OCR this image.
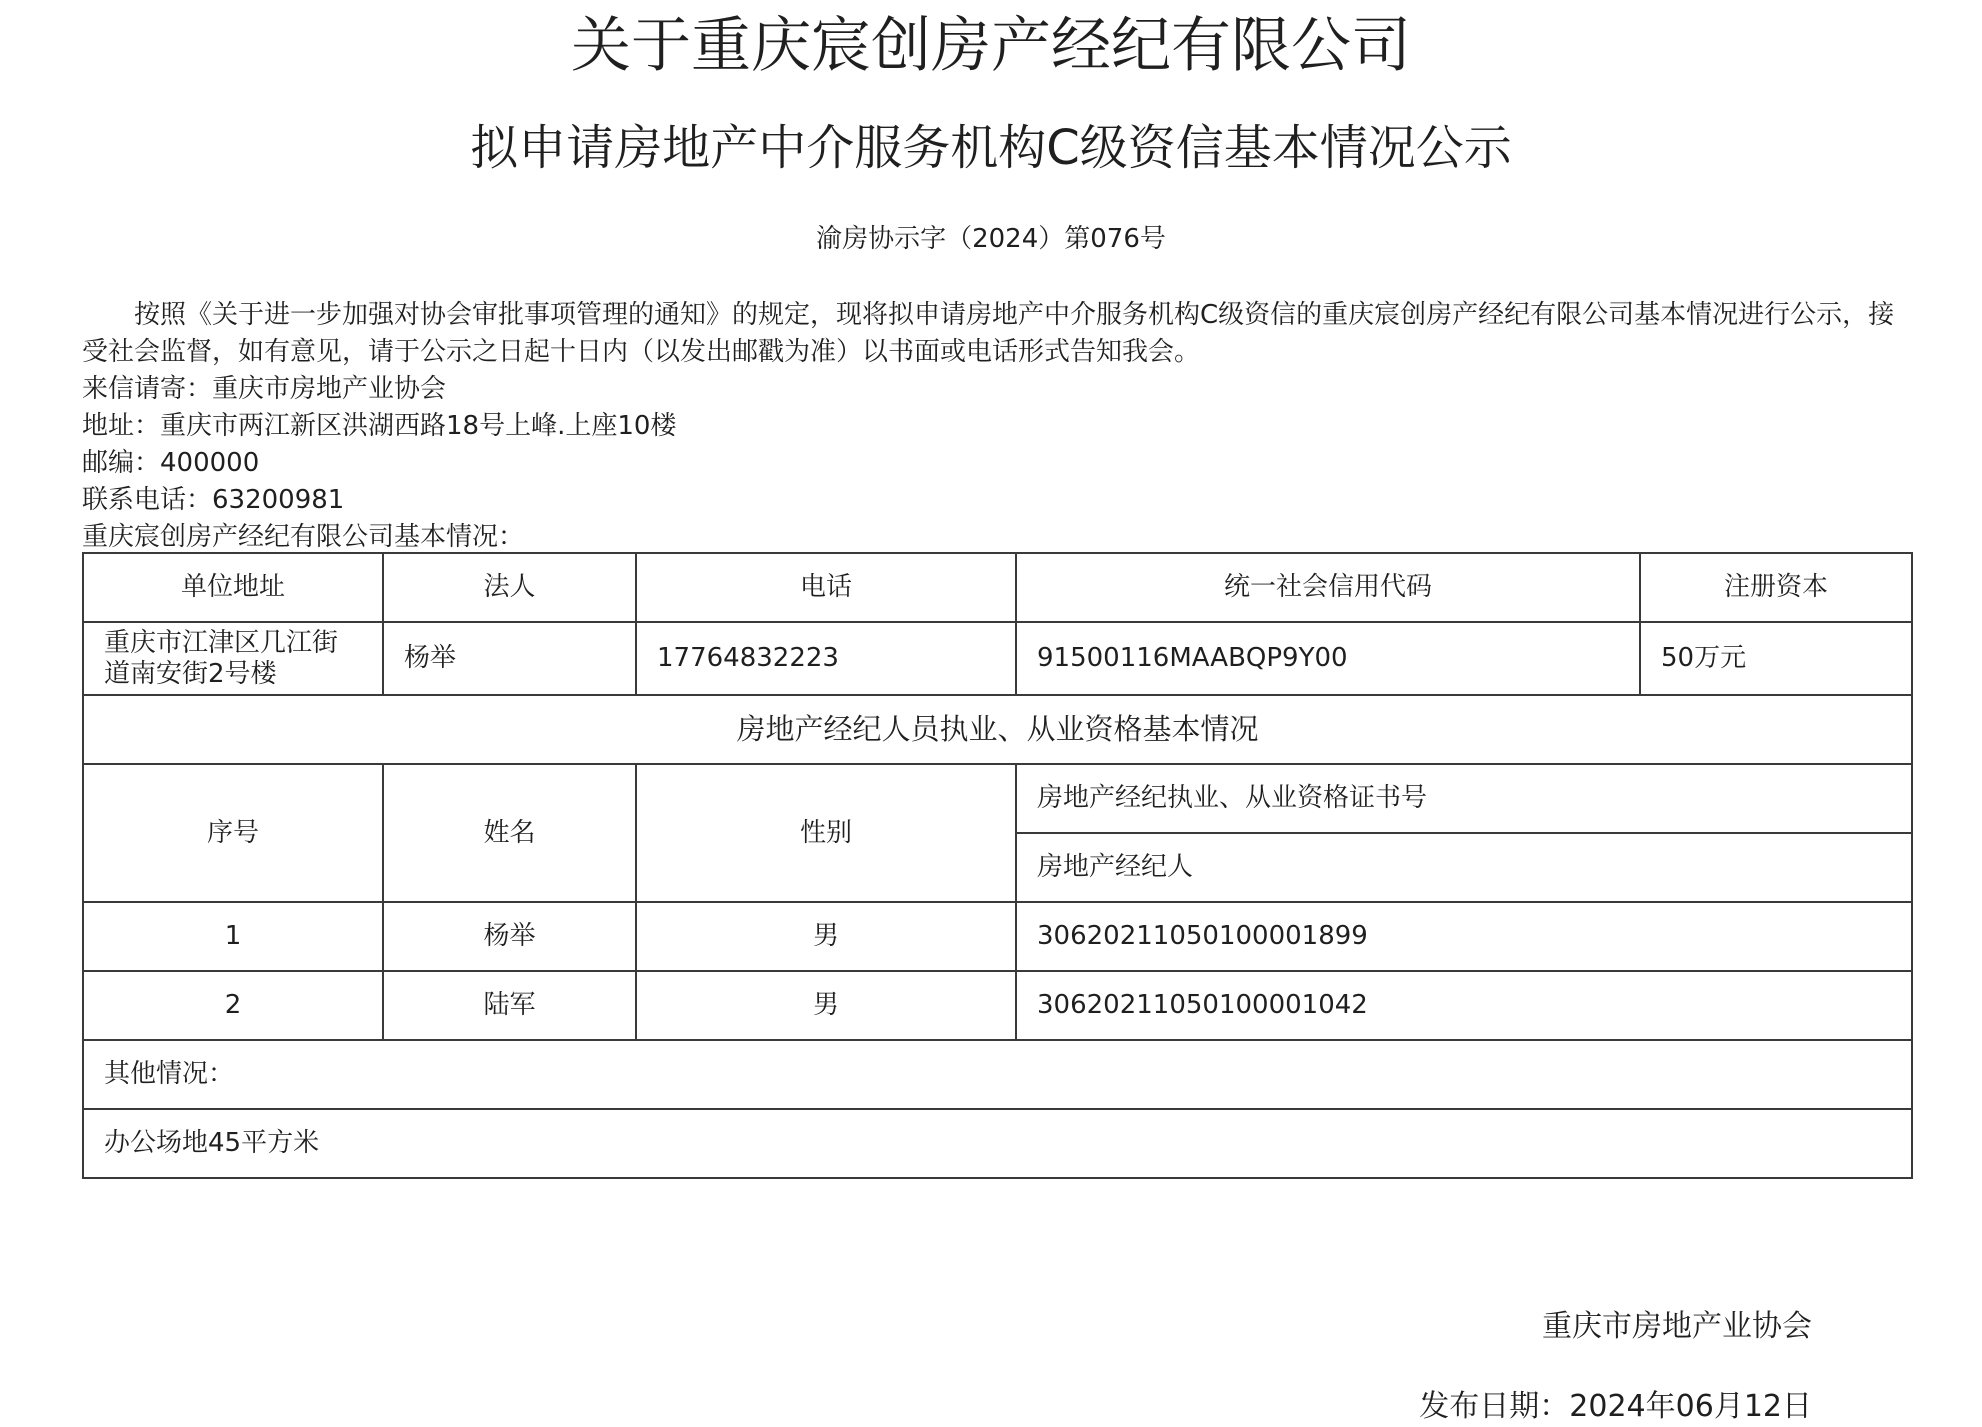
关于重庆宸创房产经纪有限公司
拟申请房地产中介服务机构C级资信基本情况公示
渝房协示字（2024）第076号
按照《关于进一步加强对协会审批事项管理的通知》的规定，现将拟申请房地产中介服务机构C级资信的重庆宸创房产经纪有限公司基本情况进行公示，接受社会监督，如有意见，请于公示之日起十日内（以发出邮戳为准）以书面或电话形式告知我会。
来信请寄：重庆市房地产业协会
地址：重庆市两江新区洪湖西路18号上峰.上座10楼
邮编：400000
联系电话：63200981
重庆宸创房产经纪有限公司基本情况：
单位地址	法人	电话	统一社会信用代码	注册资本
重庆市江津区几江街道南安街2号楼	杨举	17764832223	91500116MAABQP9Y00	50万元
房地产经纪人员执业、从业资格基本情况				
序号	姓名	性别	房地产经纪执业、从业资格证书号	
			房地产经纪人	
1	杨举	男	30620211050100001899	
2	陆军	男	30620211050100001042	
其他情况：				
办公场地45平方米				
重庆市房地产业协会
发布日期：2024年06月12日
